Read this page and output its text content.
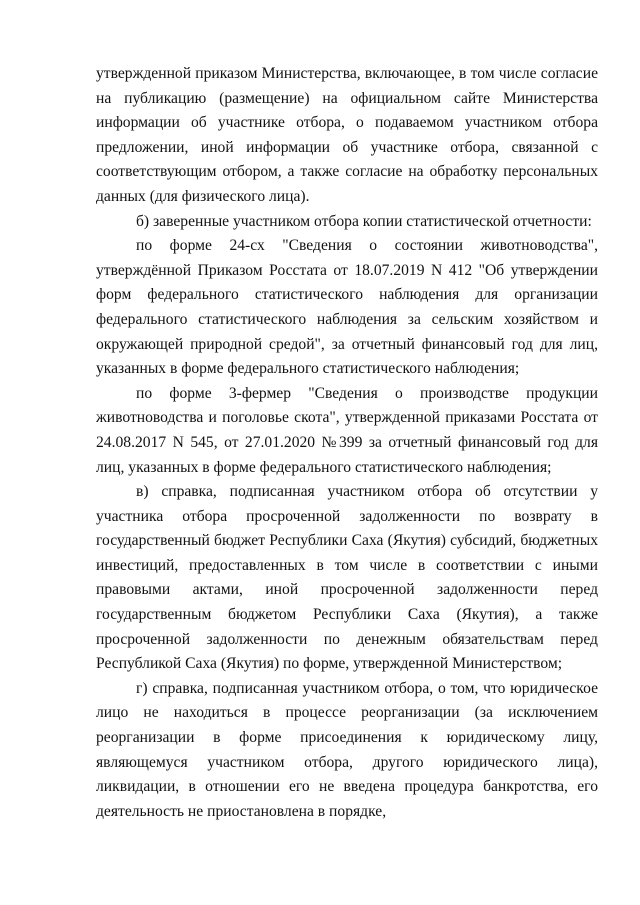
утвержденной приказом Министерства, включающее, в том числе согласие на публикацию (размещение) на официальном сайте Министерства информации об участнике отбора, о подаваемом участником отбора предложении, иной информации об участнике отбора, связанной с соответствующим отбором, а также согласие на обработку персональных данных (для физического лица).

б) заверенные участником отбора копии статистической отчетности:

по форме 24-сх "Сведения о состоянии животноводства", утверждённой Приказом Росстата от 18.07.2019 N 412 "Об утверждении форм федерального статистического наблюдения для организации федерального статистического наблюдения за сельским хозяйством и окружающей природной средой", за отчетный финансовый год для лиц, указанных в форме федерального статистического наблюдения;

по форме 3-фермер "Сведения о производстве продукции животноводства и поголовье скота", утвержденной приказами Росстата от 24.08.2017 N 545, от 27.01.2020 №399 за отчетный финансовый год для лиц, указанных в форме федерального статистического наблюдения;

в) справка, подписанная участником отбора об отсутствии у участника отбора просроченной задолженности по возврату в государственный бюджет Республики Саха (Якутия) субсидий, бюджетных инвестиций, предоставленных в том числе в соответствии с иными правовыми актами, иной просроченной задолженности перед государственным бюджетом Республики Саха (Якутия), а также просроченной задолженности по денежным обязательствам перед Республикой Саха (Якутия) по форме, утвержденной Министерством;

г) справка, подписанная участником отбора, о том, что юридическое лицо не находиться в процессе реорганизации (за исключением реорганизации в форме присоединения к юридическому лицу, являющемуся участником отбора, другого юридического лица), ликвидации, в отношении его не введена процедура банкротства, его деятельность не приостановлена в порядке,
